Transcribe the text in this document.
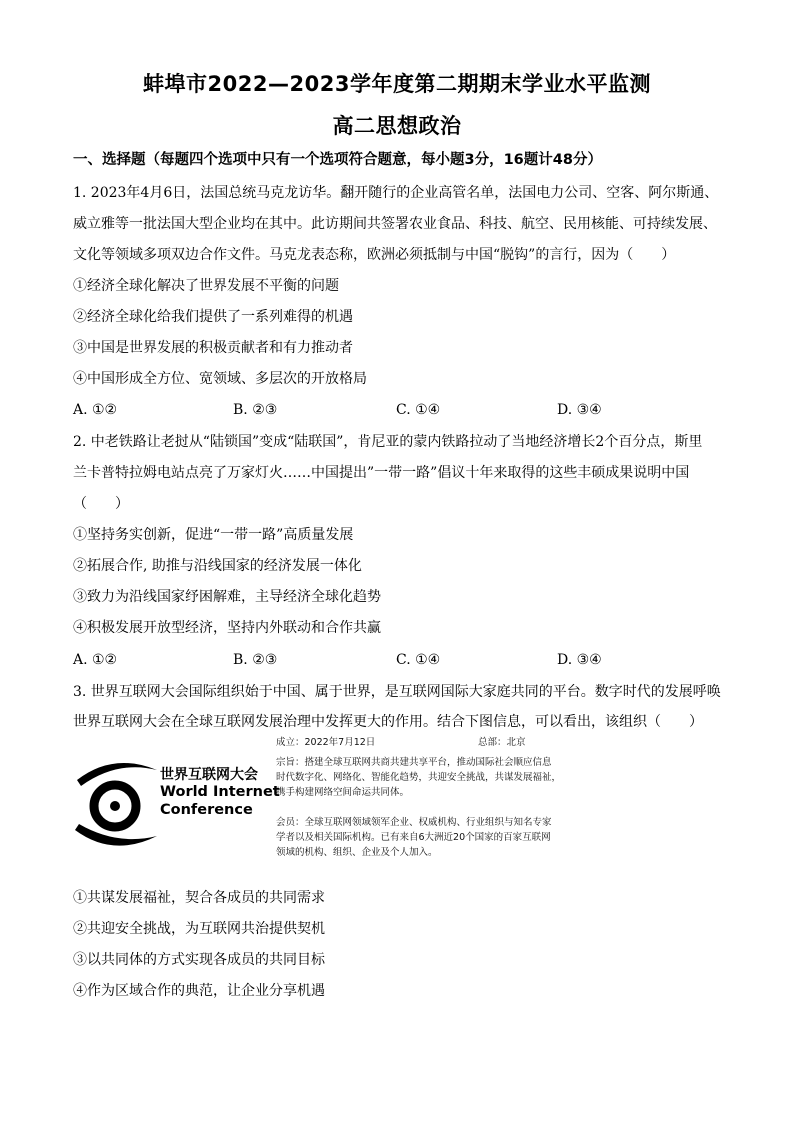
蚌埠市2022—2023学年度第二期期末学业水平监测
高二思想政治
一、选择题（每题四个选项中只有一个选项符合题意，每小题3分，16题计48分）
1. 2023年4月6日，法国总统马克龙访华。翻开随行的企业高管名单，法国电力公司、空客、阿尔斯通、
威立雅等一批法国大型企业均在其中。此访期间共签署农业食品、科技、航空、民用核能、可持续发展、
文化等领域多项双边合作文件。马克龙表态称，欧洲必须抵制与中国“脱钩”的言行，因为（　　）
①经济全球化解决了世界发展不平衡的问题
②经济全球化给我们提供了一系列难得的机遇
③中国是世界发展的积极贡献者和有力推动者
④中国形成全方位、宽领域、多层次的开放格局
A. ①②	B. ②③	C. ①④	D. ③④
2. 中老铁路让老挝从“陆锁国”变成“陆联国”，肯尼亚的蒙内铁路拉动了当地经济增长2个百分点，斯里
兰卡普特拉姆电站点亮了万家灯火……中国提出”一带一路”倡议十年来取得的这些丰硕成果说明中国
（　　）
①坚持务实创新，促进“一带一路”高质量发展
②拓展合作, 助推与沿线国家的经济发展一体化
③致力为沿线国家纾困解难，主导经济全球化趋势
④积极发展开放型经济，坚持内外联动和合作共赢
A. ①②	B. ②③	C. ①④	D. ③④
3. 世界互联网大会国际组织始于中国、属于世界，是互联网国际大家庭共同的平台。数字时代的发展呼唤
世界互联网大会在全球互联网发展治理中发挥更大的作用。结合下图信息，可以看出，该组织（　　）
世界互联网大会
World Internet
Conference
成立：2022年7月12日	总部：北京
宗旨：搭建全球互联网共商共建共享平台，推动国际社会顺应信息
时代数字化、网络化、智能化趋势，共迎安全挑战，共谋发展福祉，
携手构建网络空间命运共同体。
会员：全球互联网领域领军企业、权威机构、行业组织与知名专家
学者以及相关国际机构。已有来自6大洲近20个国家的百家互联网
领域的机构、组织、企业及个人加入。
①共谋发展福祉，契合各成员的共同需求
②共迎安全挑战，为互联网共治提供契机
③以共同体的方式实现各成员的共同目标
④作为区域合作的典范，让企业分享机遇
